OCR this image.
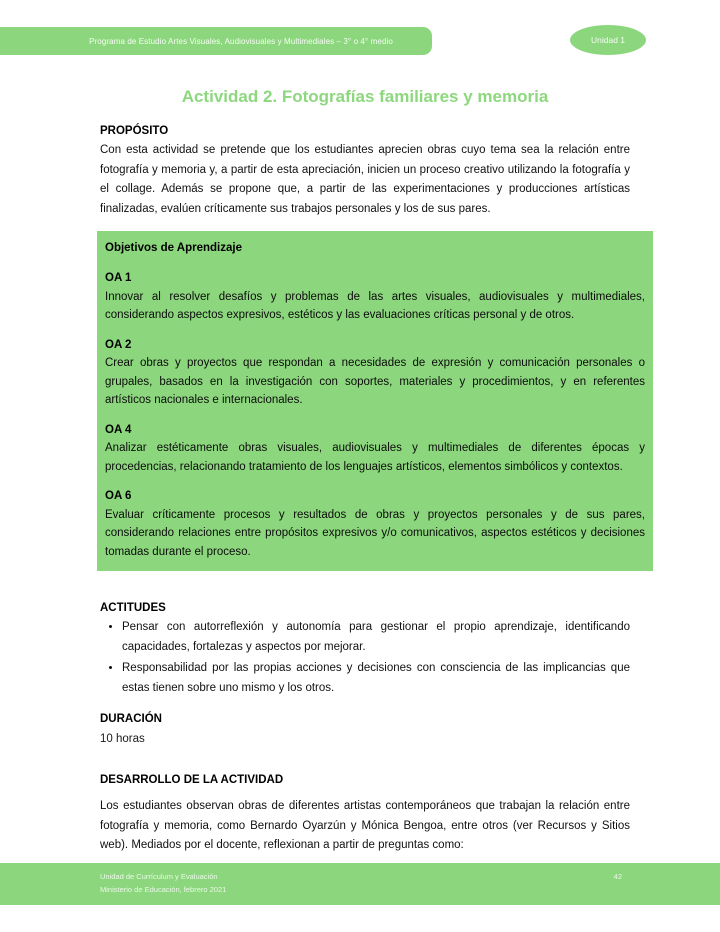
Programa de Estudio Artes Visuales, Audiovisuales y Multimediales – 3° o 4° medio	Unidad 1
Actividad 2. Fotografías familiares y memoria
PROPÓSITO

Con esta actividad se pretende que los estudiantes aprecien obras cuyo tema sea la relación entre fotografía y memoria y, a partir de esta apreciación, inicien un proceso creativo utilizando la fotografía y el collage. Además se propone que, a partir de las experimentaciones y producciones artísticas finalizadas, evalúen críticamente sus trabajos personales y los de sus pares.

Objetivos de Aprendizaje
OA 1

Innovar al resolver desafíos y problemas de las artes visuales, audiovisuales y multimediales, considerando aspectos expresivos, estéticos y las evaluaciones críticas personal y de otros.

OA 2

Crear obras y proyectos que respondan a necesidades de expresión y comunicación personales o grupales, basados en la investigación con soportes, materiales y procedimientos, y en referentes artísticos nacionales e internacionales.

OA 4

Analizar estéticamente obras visuales, audiovisuales y multimediales de diferentes épocas y procedencias, relacionando tratamiento de los lenguajes artísticos, elementos simbólicos y contextos.

OA 6

Evaluar críticamente procesos y resultados de obras y proyectos personales y de sus pares, considerando relaciones entre propósitos expresivos y/o comunicativos, aspectos estéticos y decisiones tomadas durante el proceso.

ACTITUDES
• Pensar con autorreflexión y autonomía para gestionar el propio aprendizaje, identificando capacidades, fortalezas y aspectos por mejorar.
• Responsabilidad por las propias acciones y decisiones con consciencia de las implicancias que estas tienen sobre uno mismo y los otros.
DURACIÓN

10 horas

DESARROLLO DE LA ACTIVIDAD

Los estudiantes observan obras de diferentes artistas contemporáneos que trabajan la relación entre fotografía y memoria, como Bernardo Oyarzún y Mónica Bengoa, entre otros (ver Recursos y Sitios web). Mediados por el docente, reflexionan a partir de preguntas como:

Unidad de Currículum y Evaluación
Ministerio de Educación, febrero 2021
42
